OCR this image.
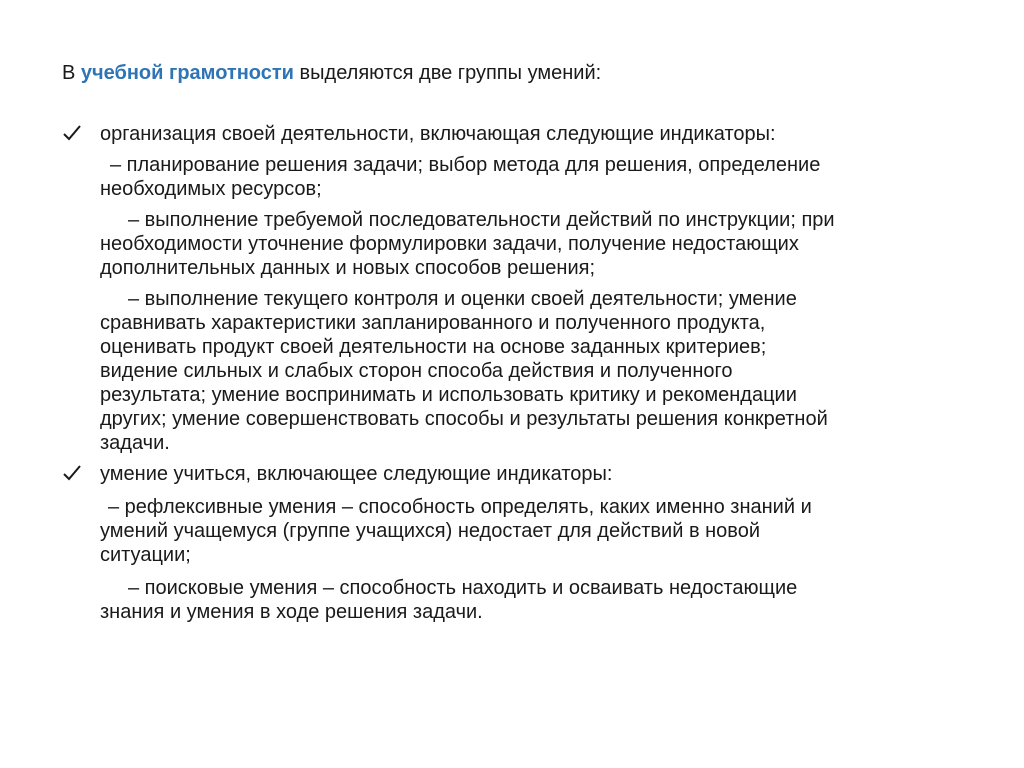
В учебной грамотности выделяются две группы умений:
организация своей деятельности, включающая следующие индикаторы:
– планирование решения задачи; выбор метода для решения, определение
необходимых ресурсов;
– выполнение требуемой последовательности действий по инструкции; при
необходимости уточнение формулировки задачи, получение недостающих
дополнительных данных и новых способов решения;
– выполнение текущего контроля и оценки своей деятельности; умение
сравнивать характеристики запланированного и полученного продукта,
оценивать продукт своей деятельности на основе заданных критериев;
видение сильных и слабых сторон способа действия и полученного
результата; умение воспринимать и использовать критику и рекомендации
других; умение совершенствовать способы и результаты решения конкретной
задачи.
умение учиться, включающее следующие индикаторы:
– рефлексивные умения – способность определять, каких именно знаний и
умений учащемуся (группе учащихся) недостает для действий в новой
ситуации;
– поисковые умения – способность находить и осваивать недостающие
знания и умения в ходе решения задачи.
